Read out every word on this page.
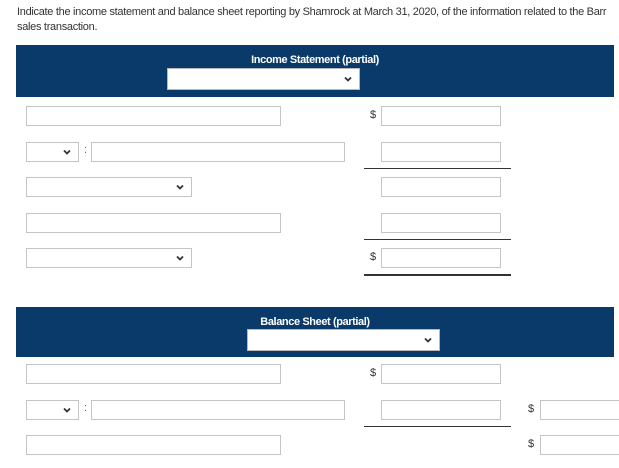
Indicate the income statement and balance sheet reporting by Shamrock at March 31, 2020, of the information related to the Barr sales transaction.
Income Statement (partial)
$
:
$
Balance Sheet (partial)
$
:	$
$
